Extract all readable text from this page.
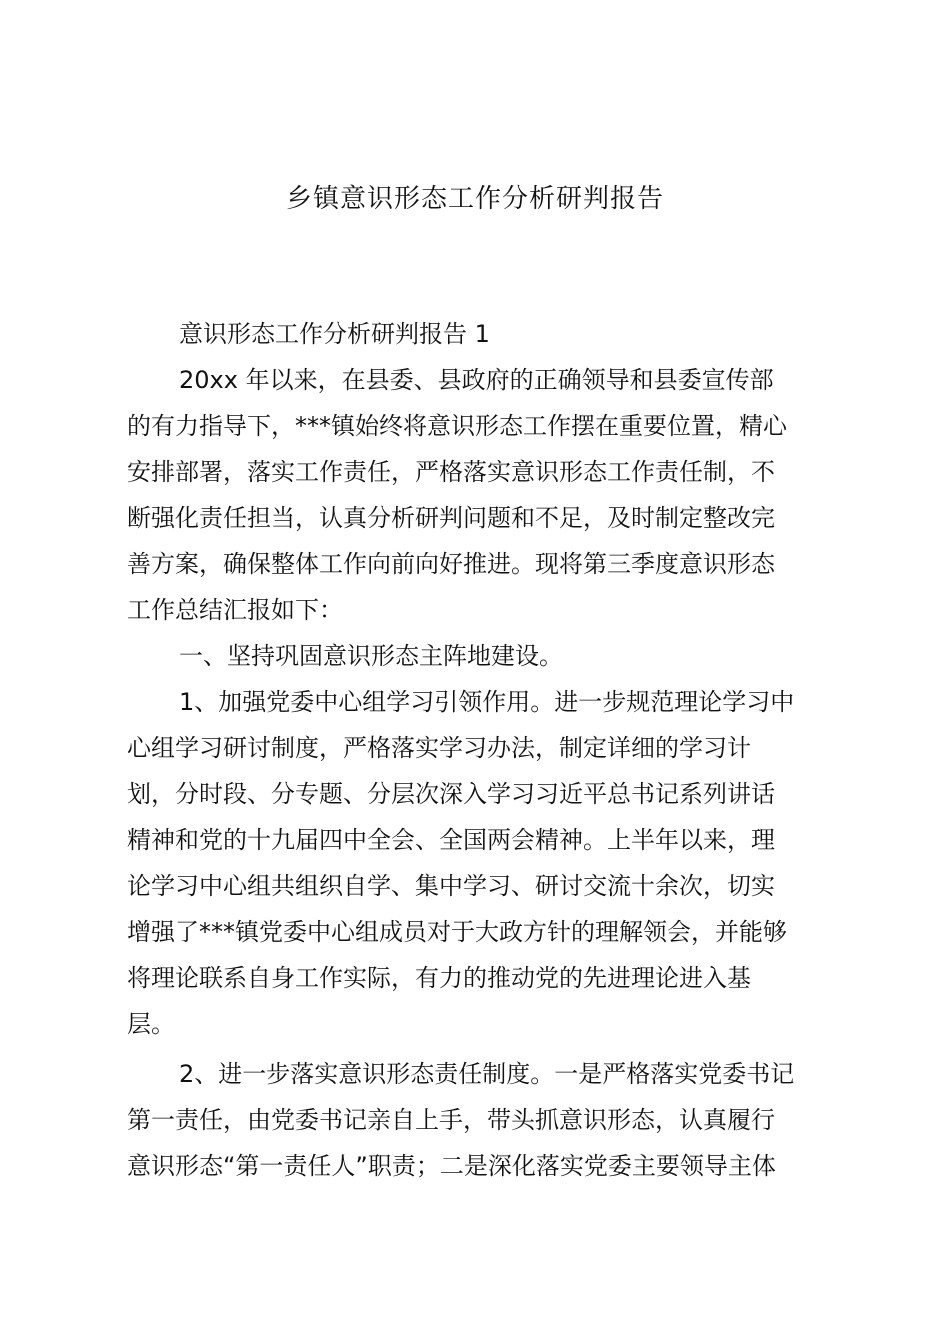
乡镇意识形态工作分析研判报告
意识形态工作分析研判报告 1
20xx 年以来，在县委、县政府的正确领导和县委宣传部
的有力指导下，***镇始终将意识形态工作摆在重要位置，精心
安排部署，落实工作责任，严格落实意识形态工作责任制，不
断强化责任担当，认真分析研判问题和不足，及时制定整改完
善方案，确保整体工作向前向好推进。现将第三季度意识形态
工作总结汇报如下：
一、坚持巩固意识形态主阵地建设。
1、加强党委中心组学习引领作用。进一步规范理论学习中
心组学习研讨制度，严格落实学习办法，制定详细的学习计
划，分时段、分专题、分层次深入学习习近平总书记系列讲话
精神和党的十九届四中全会、全国两会精神。上半年以来，理
论学习中心组共组织自学、集中学习、研讨交流十余次，切实
增强了***镇党委中心组成员对于大政方针的理解领会，并能够
将理论联系自身工作实际，有力的推动党的先进理论进入基
层。
2、进一步落实意识形态责任制度。一是严格落实党委书记
第一责任，由党委书记亲自上手，带头抓意识形态，认真履行
意识形态“第一责任人”职责；二是深化落实党委主要领导主体
